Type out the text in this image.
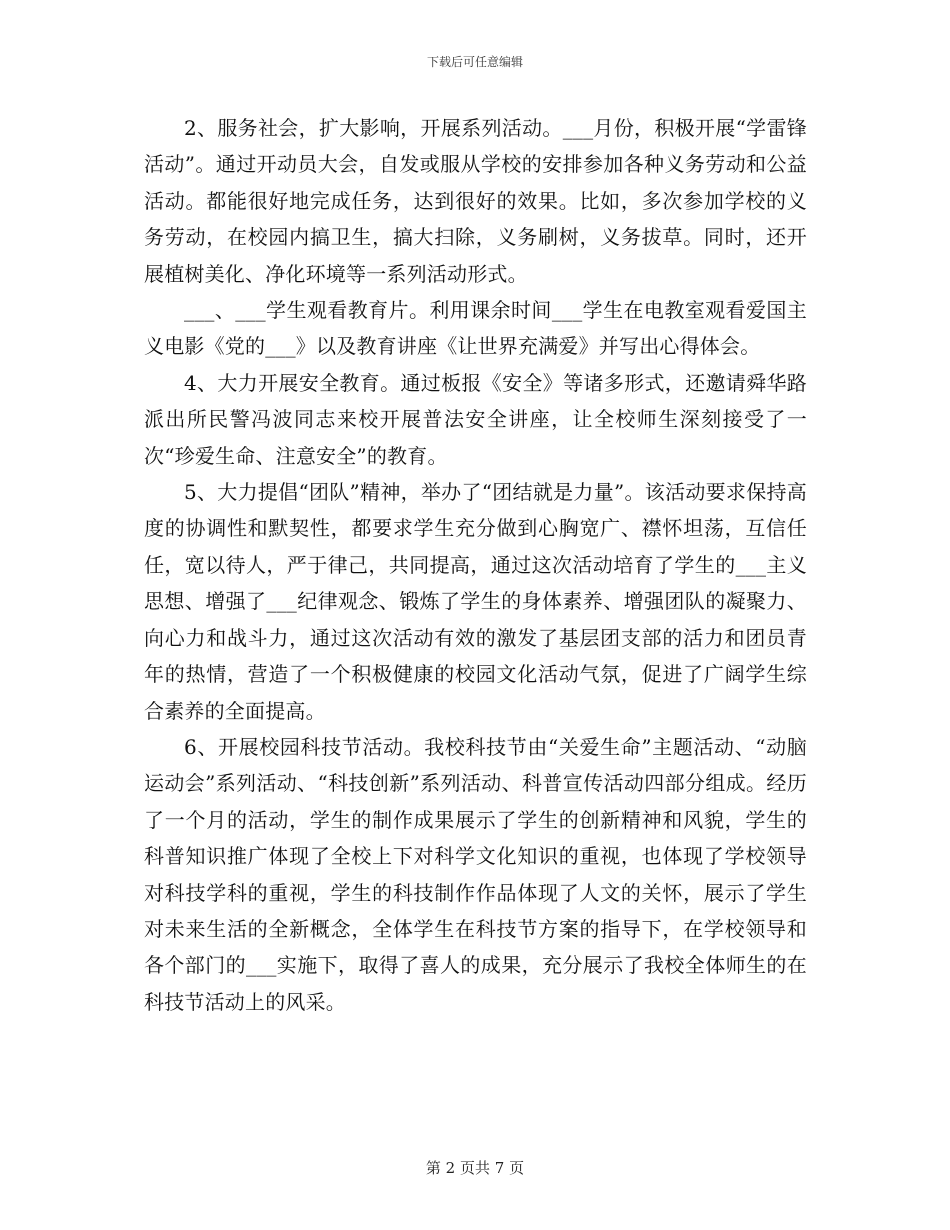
下载后可任意编辑

2、服务社会，扩大影响，开展系列活动。___月份，积极开展“学雷锋活动”。通过开动员大会，自发或服从学校的安排参加各种义务劳动和公益活动。都能很好地完成任务，达到很好的效果。比如，多次参加学校的义务劳动，在校园内搞卫生，搞大扫除，义务刷树，义务拔草。同时，还开展植树美化、净化环境等一系列活动形式。

___、___学生观看教育片。利用课余时间___学生在电教室观看爱国主义电影《党的___》以及教育讲座《让世界充满爱》并写出心得体会。

4、大力开展安全教育。通过板报《安全》等诸多形式，还邀请舜华路派出所民警冯波同志来校开展普法安全讲座，让全校师生深刻接受了一次“珍爱生命、注意安全”的教育。

5、大力提倡“团队”精神，举办了“团结就是力量”。该活动要求保持高度的协调性和默契性，都要求学生充分做到心胸宽广、襟怀坦荡，互信任任，宽以待人，严于律己，共同提高，通过这次活动培育了学生的___主义思想、增强了___纪律观念、锻炼了学生的身体素养、增强团队的凝聚力、向心力和战斗力，通过这次活动有效的激发了基层团支部的活力和团员青年的热情，营造了一个积极健康的校园文化活动气氛，促进了广阔学生综合素养的全面提高。

6、开展校园科技节活动。我校科技节由“关爱生命”主题活动、“动脑运动会”系列活动、“科技创新”系列活动、科普宣传活动四部分组成。经历了一个月的活动，学生的制作成果展示了学生的创新精神和风貌，学生的科普知识推广体现了全校上下对科学文化知识的重视，也体现了学校领导对科技学科的重视，学生的科技制作作品体现了人文的关怀，展示了学生对未来生活的全新概念，全体学生在科技节方案的指导下，在学校领导和各个部门的___实施下，取得了喜人的成果，充分展示了我校全体师生的在科技节活动上的风采。

第 2 页共 7 页
